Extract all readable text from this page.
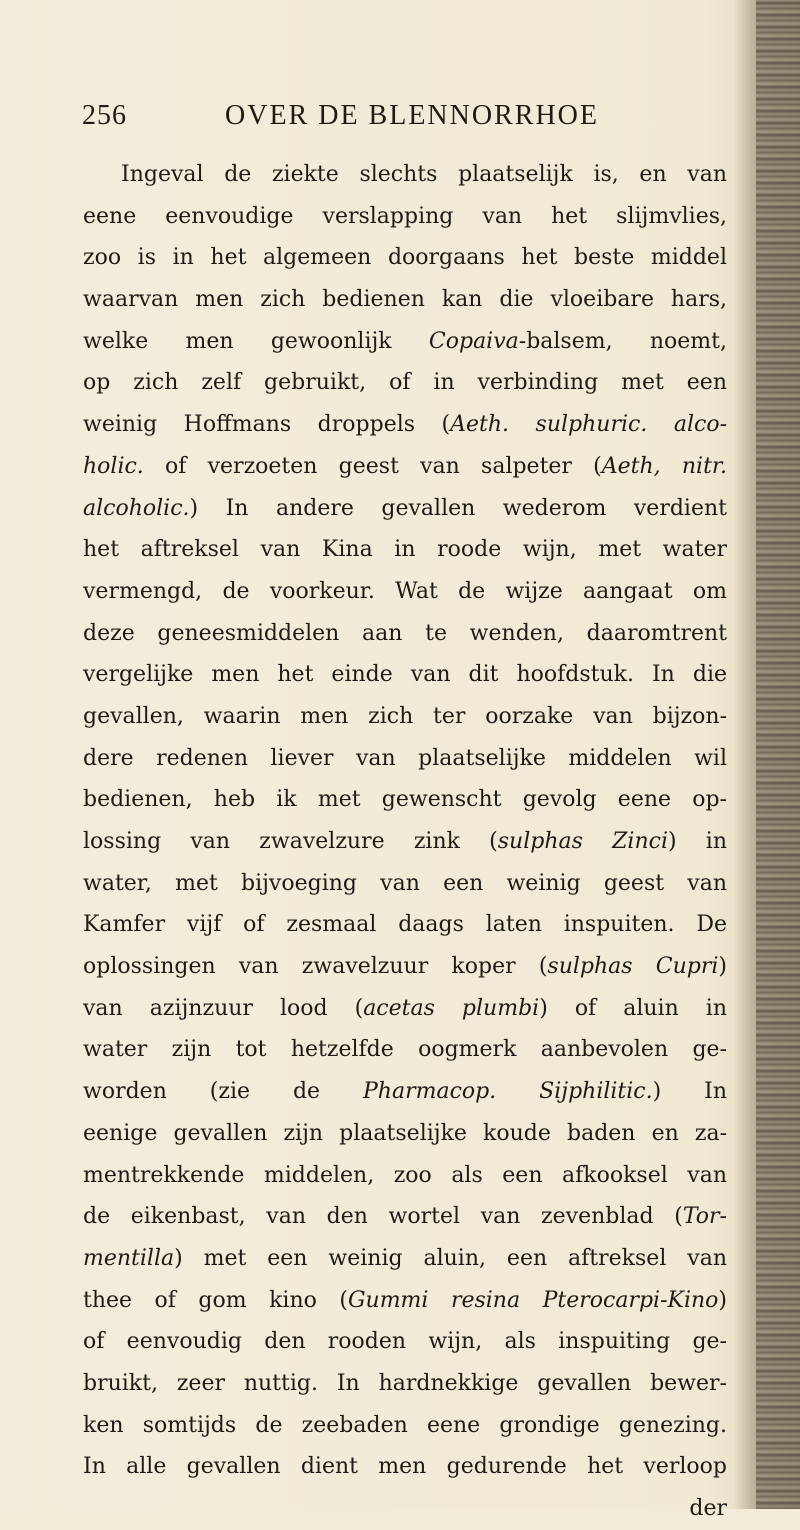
256	OVER DE BLENNORRHOE
Ingeval de ziekte slechts plaatselijk is, en van
eene eenvoudige verslapping van het slijmvlies,
zoo is in het algemeen doorgaans het beste middel
waarvan men zich bedienen kan die vloeibare hars,
welke men gewoonlijk Copaiva-balsem, noemt,
op zich zelf gebruikt, of in verbinding met een
weinig Hoffmans droppels (Aeth. sulphuric. alco-
holic. of verzoeten geest van salpeter (Aeth, nitr.
alcoholic.) In andere gevallen wederom verdient
het aftreksel van Kina in roode wijn, met water
vermengd, de voorkeur. Wat de wijze aangaat om
deze geneesmiddelen aan te wenden, daaromtrent
vergelijke men het einde van dit hoofdstuk. In die
gevallen, waarin men zich ter oorzake van bijzon-
dere redenen liever van plaatselijke middelen wil
bedienen, heb ik met gewenscht gevolg eene op-
lossing van zwavelzure zink (sulphas Zinci) in
water, met bijvoeging van een weinig geest van
Kamfer vijf of zesmaal daags laten inspuiten. De
oplossingen van zwavelzuur koper (sulphas Cupri)
van azijnzuur lood (acetas plumbi) of aluin in
water zijn tot hetzelfde oogmerk aanbevolen ge-
worden (zie de Pharmacop. Sijphilitic.) In
eenige gevallen zijn plaatselijke koude baden en za-
mentrekkende middelen, zoo als een afkooksel van
de eikenbast, van den wortel van zevenblad (Tor-
mentilla) met een weinig aluin, een aftreksel van
thee of gom kino (Gummi resina Pterocarpi-Kino)
of eenvoudig den rooden wijn, als inspuiting ge-
bruikt, zeer nuttig. In hardnekkige gevallen bewer-
ken somtijds de zeebaden eene grondige genezing.
In alle gevallen dient men gedurende het verloop
der
